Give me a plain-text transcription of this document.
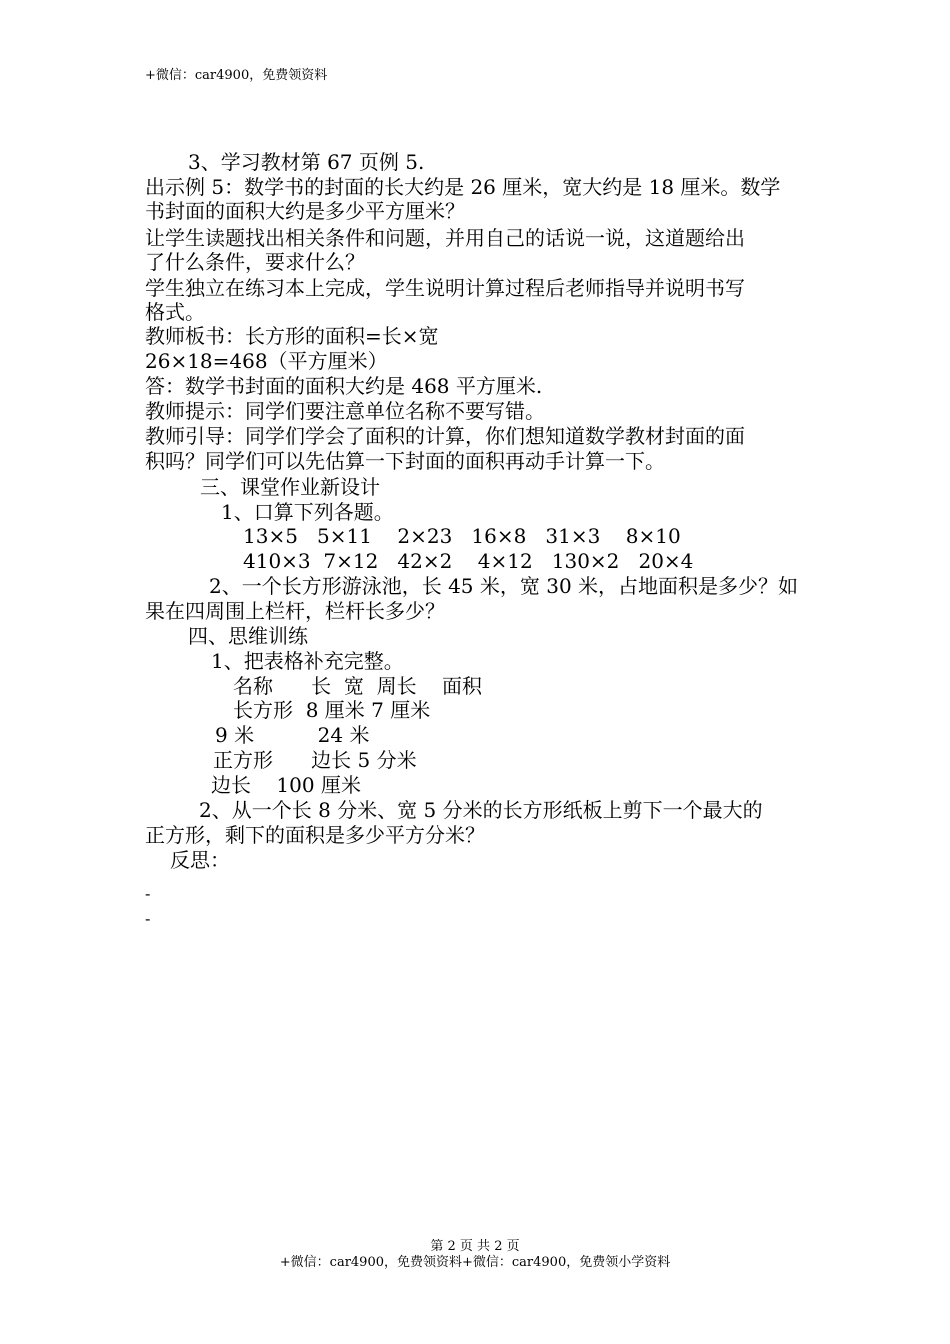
+微信：car4900，免费领资料
3、学习教材第 67 页例 5.
出示例 5：数学书的封面的长大约是 26 厘米，宽大约是 18 厘米。数学
书封面的面积大约是多少平方厘米？
让学生读题找出相关条件和问题，并用自己的话说一说，这道题给出
了什么条件，要求什么？
学生独立在练习本上完成，学生说明计算过程后老师指导并说明书写
格式。
教师板书：长方形的面积=长×宽
26×18=468（平方厘米）
答：数学书封面的面积大约是 468 平方厘米.
教师提示：同学们要注意单位名称不要写错。
教师引导：同学们学会了面积的计算，你们想知道数学教材封面的面
积吗？同学们可以先估算一下封面的面积再动手计算一下。
三、课堂作业新设计
1、口算下列各题。
13×5   5×11    2×23   16×8   31×3    8×10
410×3  7×12   42×2    4×12   130×2   20×4
2、一个长方形游泳池，长 45 米，宽 30 米，占地面积是多少？如
果在四周围上栏杆，栏杆长多少？
四、思维训练
1、把表格补充完整。
名称      长  宽  周长    面积
长方形  8 厘米 7 厘米
9 米          24 米
正方形      边长 5 分米
边长    100 厘米
2、从一个长 8 分米、宽 5 分米的长方形纸板上剪下一个最大的
正方形，剩下的面积是多少平方分米？
反思：
-
-
第 2 页 共 2 页
+微信：car4900，免费领资料+微信：car4900，免费领小学资料
